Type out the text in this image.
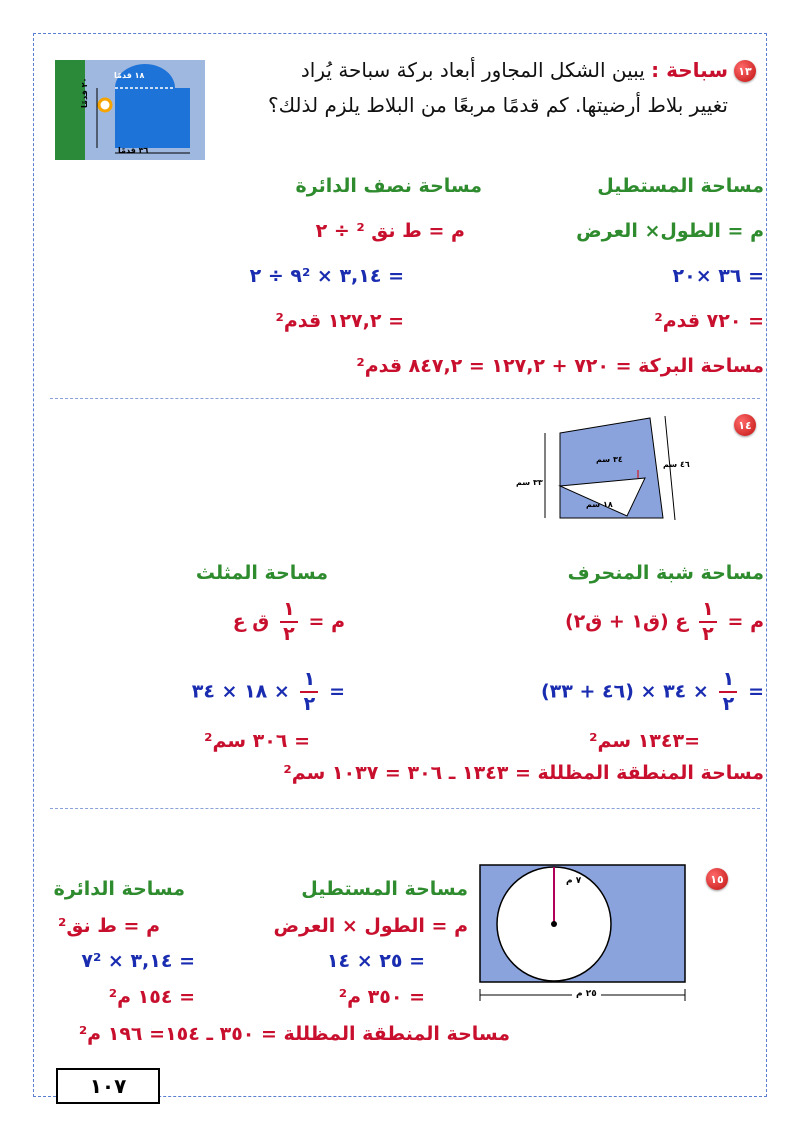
١٣
سباحة : يبين الشكل المجاور أبعاد بركة سباحة يُراد
تغيير بلاط أرضيتها. كم قدمًا مربعًا من البلاط يلزم لذلك؟
١٨ قدمًا
٢٠ قدمًا
٣٦ قدمًا
مساحة المستطيل
مساحة نصف الدائرة
م = الطول× العرض
م = ط نق ² ÷ ٢
= ٣٦ ×٢٠
= ٣,١٤ × ٩² ÷ ٢
= ٧٢٠ قدم²
= ١٢٧,٢ قدم²
مساحة البركة = ٧٢٠ + ١٢٧,٢ = ٨٤٧,٢ قدم²
١٤
٣٤ سم
٤٦ سم
٣٣ سم
١٨ سم
مساحة شبة المنحرف
مساحة المثلث
م =
$\frac{١}{٢}$
ع (ق١ + ق٢)
م =
$\frac{١}{٢}$
ق ع
=
$\frac{١}{٢}$
× ٣٤ × (٤٦ + ٣٣)
=
$\frac{١}{٢}$
× ١٨ × ٣٤
=١٣٤٣ سم²
= ٣٠٦ سم²
مساحة المنطقة المظللة = ١٣٤٣ ـ ٣٠٦ = ١٠٣٧ سم²
١٥
٧ م
٢٥ م
مساحة المستطيل
مساحة الدائرة
م = الطول × العرض
م = ط نق²
= ٢٥ × ١٤
= ٣,١٤ × ٧²
= ٣٥٠ م²
= ١٥٤ م²
مساحة المنطقة المظللة = ٣٥٠ ـ ١٥٤= ١٩٦ م²
١٠٧
